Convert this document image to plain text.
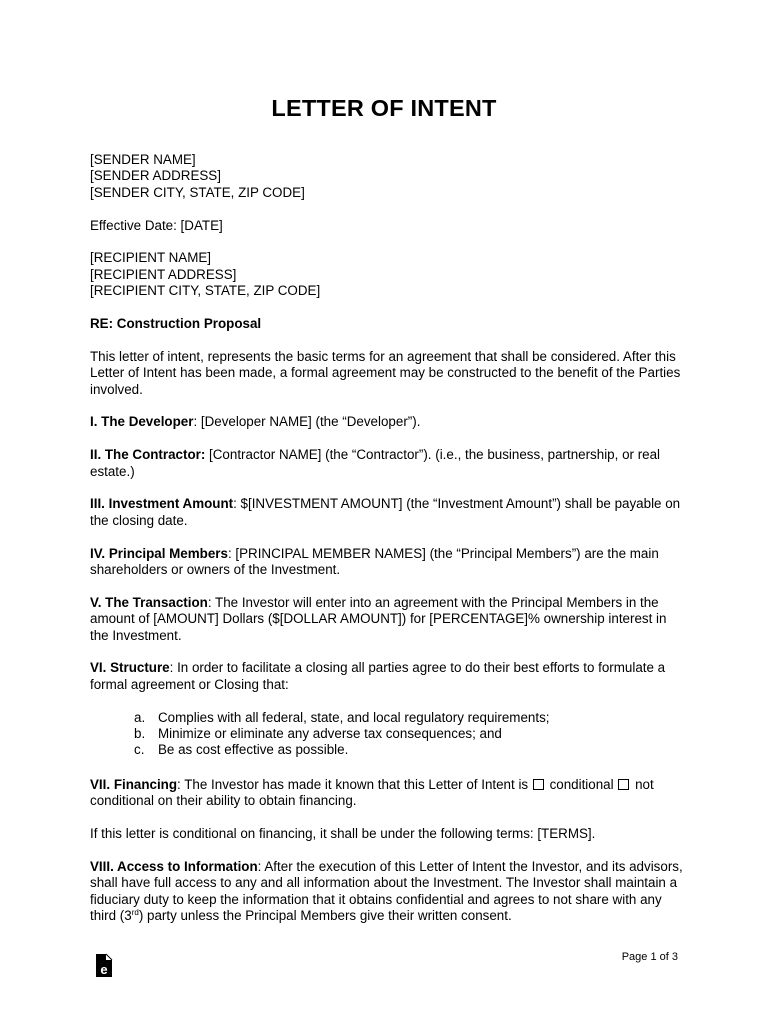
LETTER OF INTENT
[SENDER NAME]
[SENDER ADDRESS]
[SENDER CITY, STATE, ZIP CODE]
Effective Date: [DATE]
[RECIPIENT NAME]
[RECIPIENT ADDRESS]
[RECIPIENT CITY, STATE, ZIP CODE]
RE: Construction Proposal

This letter of intent, represents the basic terms for an agreement that shall be considered. After this Letter of Intent has been made, a formal agreement may be constructed to the benefit of the Parties involved.

I. The Developer: [Developer NAME] (the “Developer”).

II. The Contractor: [Contractor NAME] (the “Contractor”). (i.e., the business, partnership, or real estate.)

III. Investment Amount: $[INVESTMENT AMOUNT] (the “Investment Amount”) shall be payable on the closing date.

IV. Principal Members: [PRINCIPAL MEMBER NAMES] (the “Principal Members”) are the main shareholders or owners of the Investment.

V. The Transaction: The Investor will enter into an agreement with the Principal Members in the amount of [AMOUNT] Dollars ($[DOLLAR AMOUNT]) for [PERCENTAGE]% ownership interest in the Investment.

VI. Structure: In order to facilitate a closing all parties agree to do their best efforts to formulate a formal agreement or Closing that:

a. Complies with all federal, state, and local regulatory requirements;
b. Minimize or eliminate any adverse tax consequences; and
c.	Be as cost effective as possible.

VII. Financing: The Investor has made it known that this Letter of Intent is  conditional not conditional on their ability to obtain financing.

If this letter is conditional on financing, it shall be under the following terms: [TERMS].

VIII. Access to Information: After the execution of this Letter of Intent the Investor, and its advisors, shall have full access to any and all information about the Investment. The Investor shall maintain a fiduciary duty to keep the information that it obtains confidential and agrees to not share with any third (3rd) party unless the Principal Members give their written consent.

e
Page 1 of 3
